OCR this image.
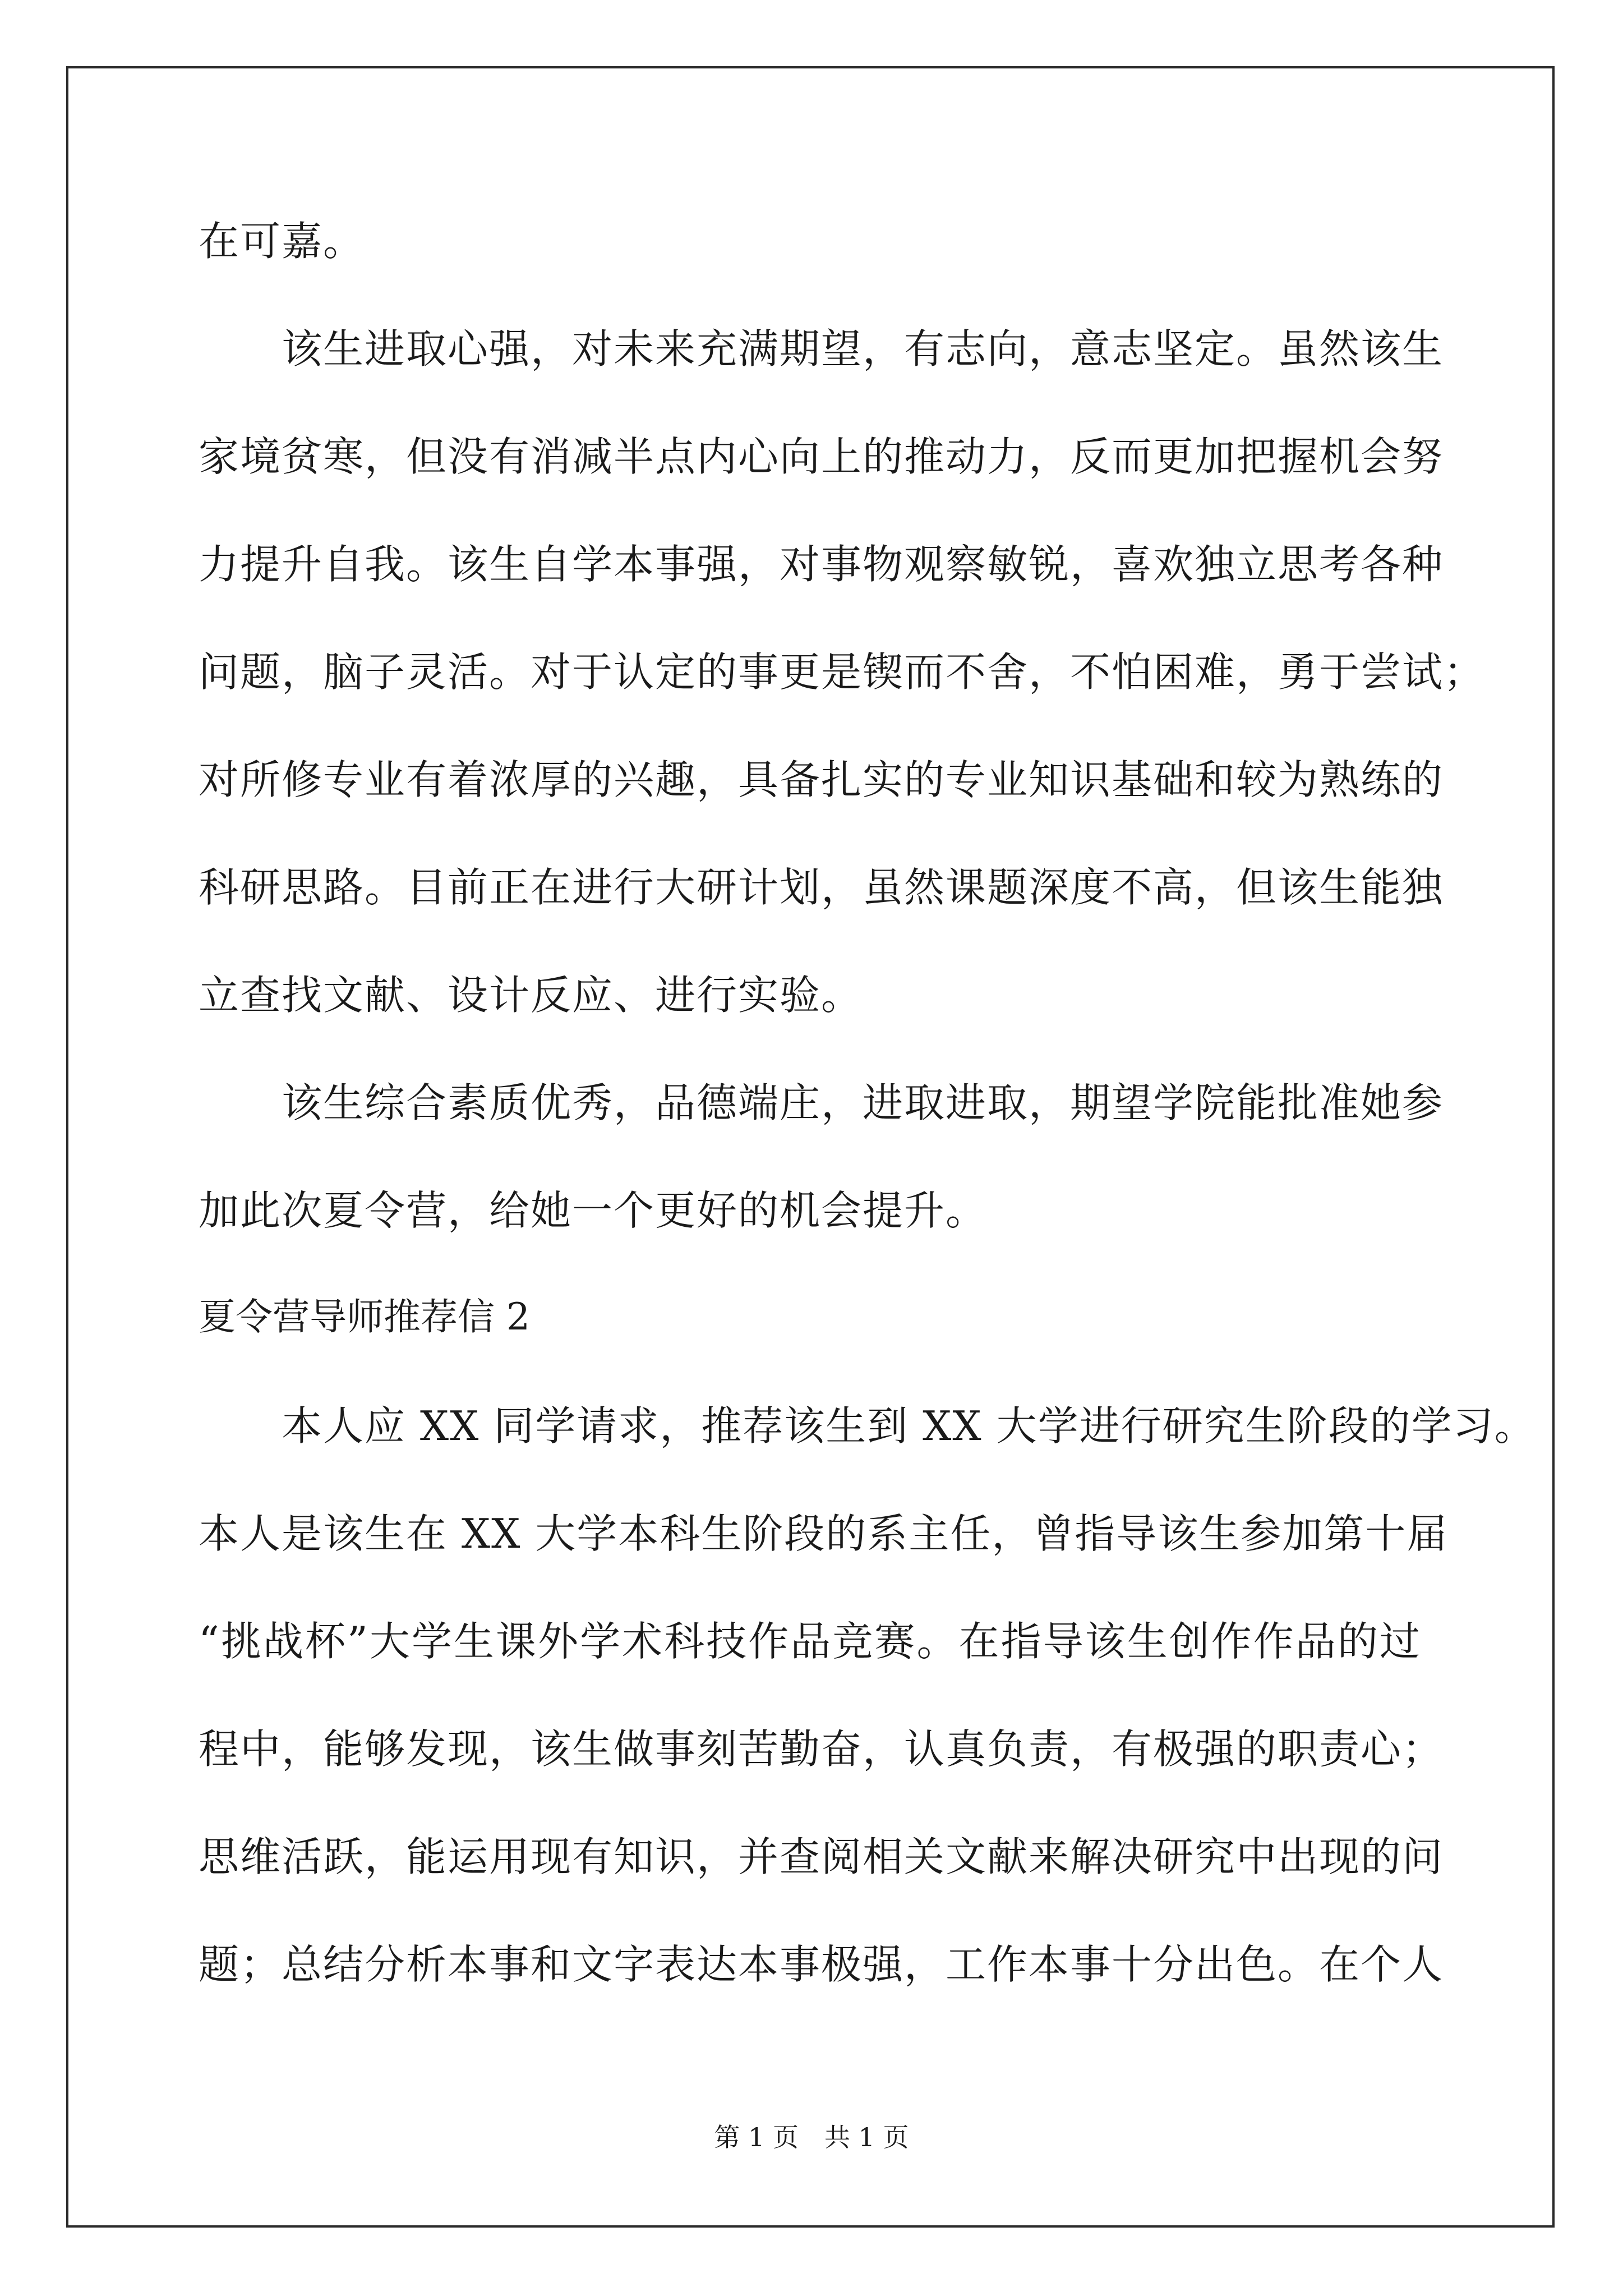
在可嘉。
　　该生进取心强，对未来充满期望，有志向，意志坚定。虽然该生
家境贫寒，但没有消减半点内心向上的推动力，反而更加把握机会努
力提升自我。该生自学本事强，对事物观察敏锐，喜欢独立思考各种
问题，脑子灵活。对于认定的事更是锲而不舍，不怕困难，勇于尝试；
对所修专业有着浓厚的兴趣，具备扎实的专业知识基础和较为熟练的
科研思路。目前正在进行大研计划，虽然课题深度不高，但该生能独
立查找文献、设计反应、进行实验。
　　该生综合素质优秀，品德端庄，进取进取，期望学院能批准她参
加此次夏令营，给她一个更好的机会提升。
夏令营导师推荐信 2
　　本人应 XX 同学请求，推荐该生到 XX 大学进行研究生阶段的学习。
本人是该生在 XX 大学本科生阶段的系主任，曾指导该生参加第十届
“挑战杯”大学生课外学术科技作品竞赛。在指导该生创作作品的过
程中，能够发现，该生做事刻苦勤奋，认真负责，有极强的职责心；
思维活跃，能运用现有知识，并查阅相关文献来解决研究中出现的问
题；总结分析本事和文字表达本事极强，工作本事十分出色。在个人
第 1 页　共 1 页
